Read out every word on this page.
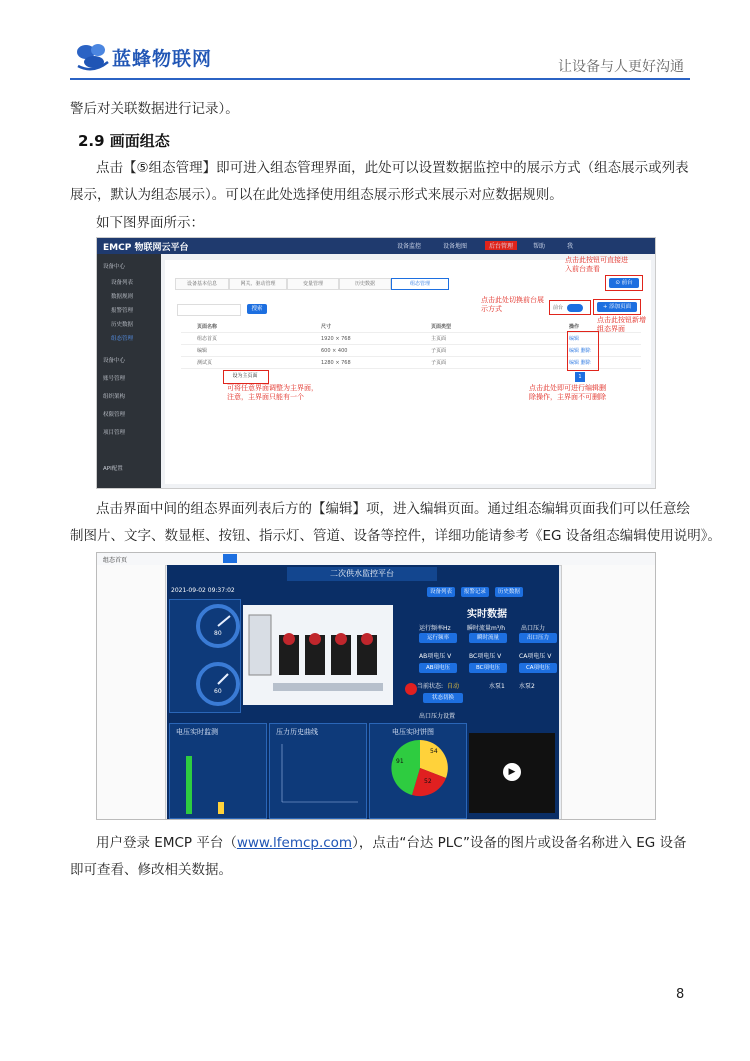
蓝蜂物联网	让设备与人更好沟通
警后对关联数据进行记录）。
2.9 画面组态
点击【⑤组态管理】即可进入组态管理界面，此处可以设置数据监控中的展示方式（组态展示或列表
展示，默认为组态展示）。可以在此处选择使用组态展示形式来展示对应数据规则。
如下图界面所示：
EMCP 物联网云平台	设备监控	设备地图	后台管理	帮助	我
设备中心
设备列表
数据规则
报警管理
历史数据
组态管理
设备中心
账号管理
组织架构
权限管理
项目管理
API配置
设备基本信息	网关、驱动管理	变量管理	历史数据	组态管理
搜索	前台	+ 添加页面
⊙ 前台
页面名称	尺寸	页面类型	操作
组态首页	1920 × 768	主页面	编辑
编辑	600 × 400	子页面	编辑 删除
测试页	1280 × 768	子页面	编辑 删除
设为主页面	1
点击此按钮可直接进入前台查看
点击此处切换前台展示方式
点击此按钮新增组态界面
可将任意界面调整为主界面，注意，主界面只能有一个
点击此处即可进行编辑删除操作，主界面不可删除
点击界面中间的组态界面列表后方的【编辑】项，进入编辑页面。通过组态编辑页面我们可以任意绘
制图片、文字、数显框、按钮、指示灯、管道、设备等控件，详细功能请参考《EG 设备组态编辑使用说明》。
组态首页
二次供水监控平台
2021-09-02 09:37:02
80
60
设备列表 报警记录 历史数据
实时数据
运行频率Hz	瞬时流量m³/h	出口压力
运行频率	瞬时流量	出口压力
AB项电压 V	BC项电压 V	CA项电压 V
AB项电压	BC项电压	CA项电压
当前状态: 自动	水泵1 水泵2
状态切换
出口压力设置
电压实时监测	压力历史曲线	电压实时饼图
54
91
52
▶
用户登录 EMCP 平台（www.lfemcp.com），点击“台达 PLC”设备的图片或设备名称进入 EG 设备
即可查看、修改相关数据。
8
